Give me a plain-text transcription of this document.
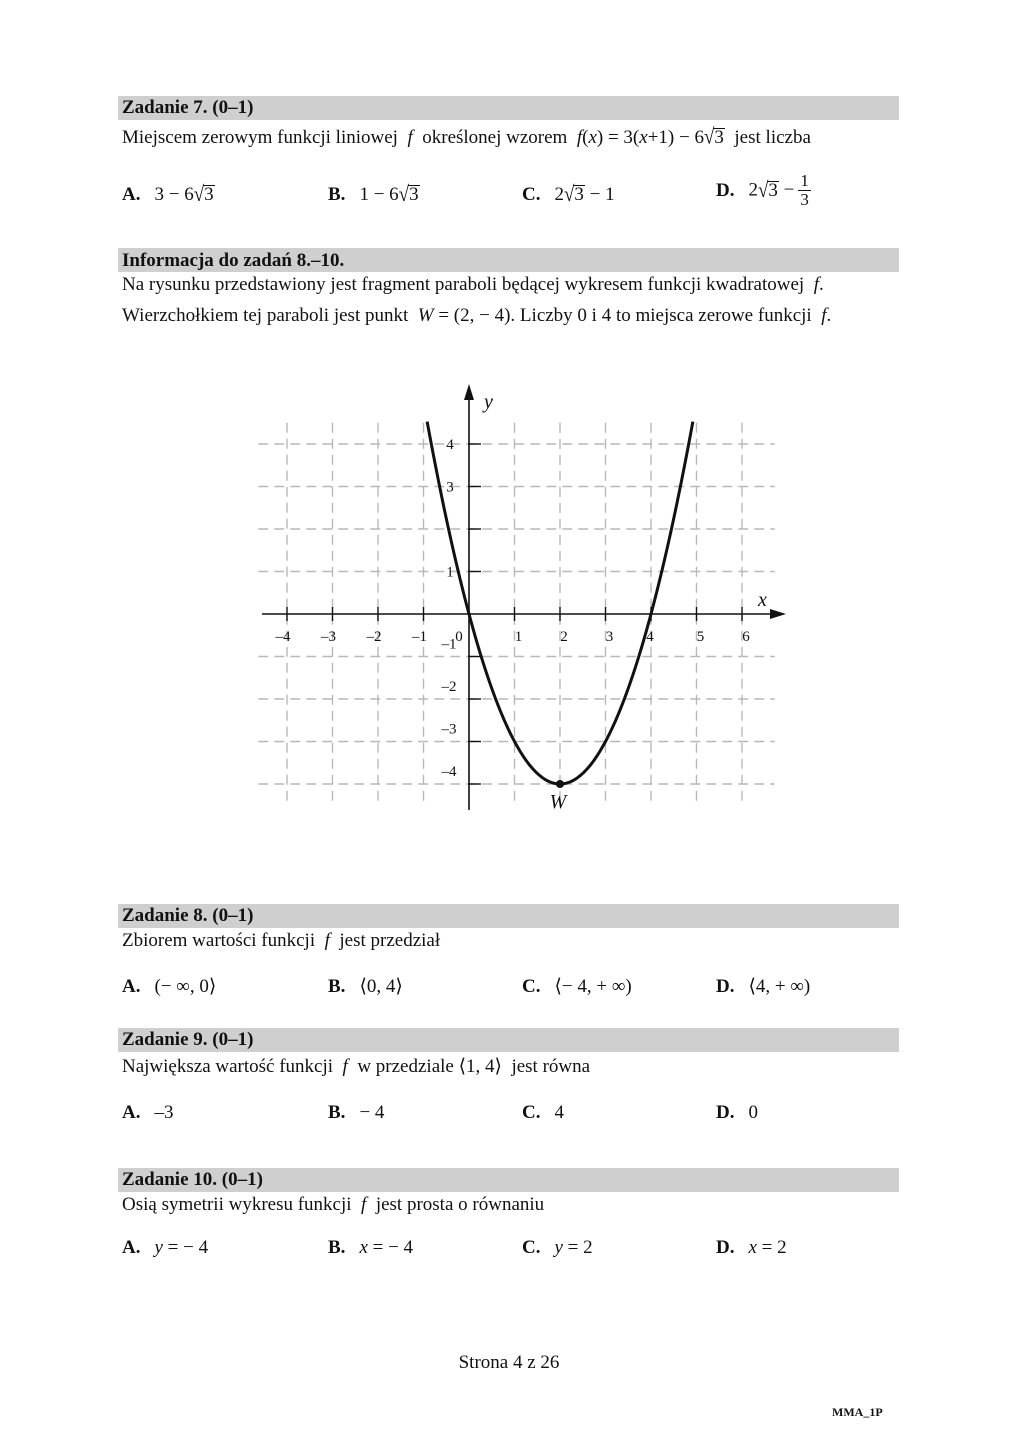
Zadanie 7. (0–1)
Miejscem zerowym funkcji liniowej f określonej wzorem f(x) = 3(x+1) − 6√3 jest liczba
A. 3 − 6√3	B. 1 − 6√3	C. 2√3 − 1	D. $2√3 - \frac{1}{3}$
Informacja do zadań 8.–10.
Na rysunku przedstawiony jest fragment paraboli będącej wykresem funkcji kwadratowej f.
Wierzchołkiem tej paraboli jest punkt W = (2, − 4). Liczby 0 i 4 to miejsca zerowe funkcji f.
–4 –3 –2 –1 0	1	2	3 4	5	6
4
3
1
–1
–2
–3
–4
x
y
W
Zadanie 8. (0–1)
Zbiorem wartości funkcji f jest przedział
A. (− ∞, 0⟩	B. ⟨0, 4⟩	C. ⟨− 4, + ∞)	D. ⟨4, + ∞)
Zadanie 9. (0–1)
Największa wartość funkcji f w przedziale ⟨1, 4⟩ jest równa
A. –3	B. − 4	C. 4	D. 0
Zadanie 10. (0–1)
Osią symetrii wykresu funkcji f jest prosta o równaniu
A. y = − 4	B. x = − 4	C. y = 2	D. x = 2
Strona 4 z 26
MMA_1P
